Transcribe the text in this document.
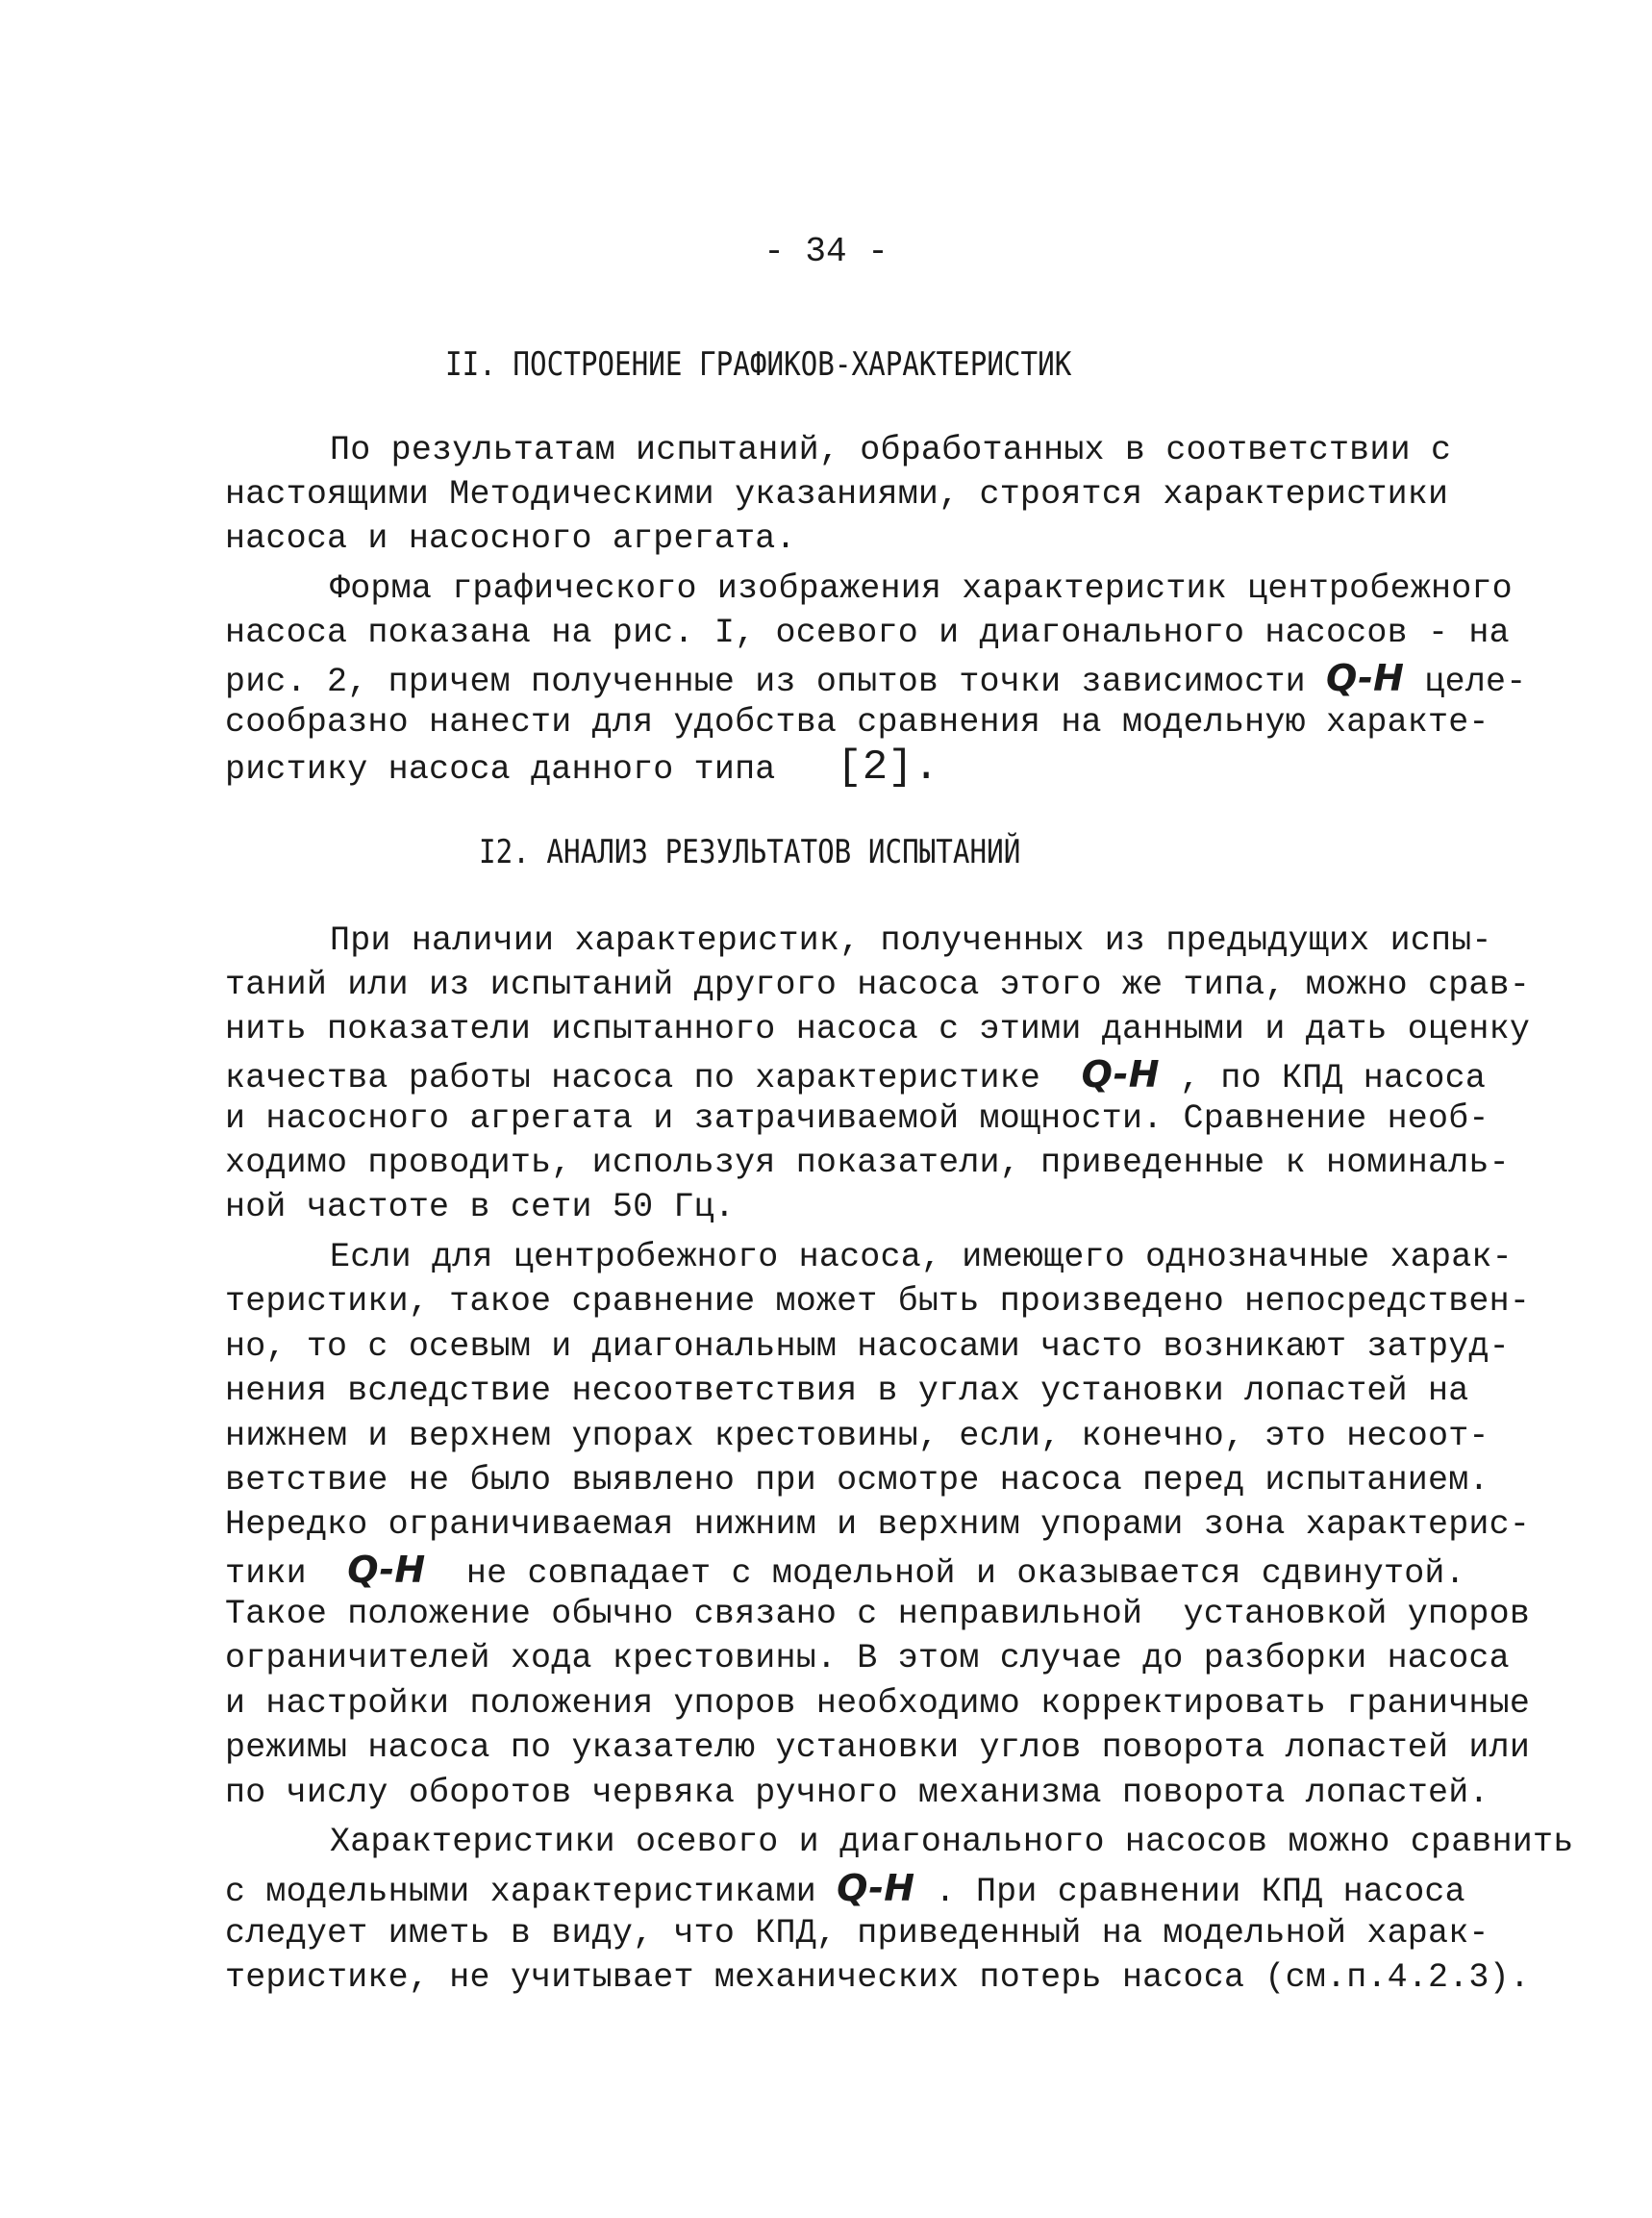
- 34 -
II. ПОСТРОЕНИЕ ГРАФИКОВ-ХАРАКТЕРИСТИК
По результатам испытаний, обработанных в соответствии с
настоящими Методическими указаниями, строятся характеристики
насоса и насосного агрегата.
Форма графического изображения характеристик центробежного
насоса показана на рис. I, осевого и диагонального насосов - на
рис. 2, причем полученные из опытов точки зависимости Q-H целе-
сообразно нанести для удобства сравнения на модельную характе-
ристику насоса данного типа [2].
I2. АНАЛИЗ РЕЗУЛЬТАТОВ ИСПЫТАНИЙ
При наличии характеристик, полученных из предыдущих испы-
таний или из испытаний другого насоса этого же типа, можно срав-
нить показатели испытанного насоса с этими данными и дать оценку
качества работы насоса по характеристике Q-H , по КПД насоса
и насосного агрегата и затрачиваемой мощности. Сравнение необ-
ходимо проводить, используя показатели, приведенные к номиналь-
ной частоте в сети 50 Гц.
Если для центробежного насоса, имеющего однозначные харак-
теристики, такое сравнение может быть произведено непосредствен-
но, то с осевым и диагональным насосами часто возникают затруд-
нения вследствие несоответствия в углах установки лопастей на
нижнем и верхнем упорах крестовины, если, конечно, это несоот-
ветствие не было выявлено при осмотре насоса перед испытанием.
Нередко ограничиваемая нижним и верхним упорами зона характерис-
тики Q-H не совпадает с модельной и оказывается сдвинутой.
Такое положение обычно связано с неправильной  установкой упоров
ограничителей хода крестовины. В этом случае до разборки насоса
и настройки положения упоров необходимо корректировать граничные
режимы насоса по указателю установки углов поворота лопастей или
по числу оборотов червяка ручного механизма поворота лопастей.
Характеристики осевого и диагонального насосов можно сравнить
с модельными характеристиками Q-H . При сравнении КПД насоса
следует иметь в виду, что КПД, приведенный на модельной харак-
теристике, не учитывает механических потерь насоса (см.п.4.2.3).
